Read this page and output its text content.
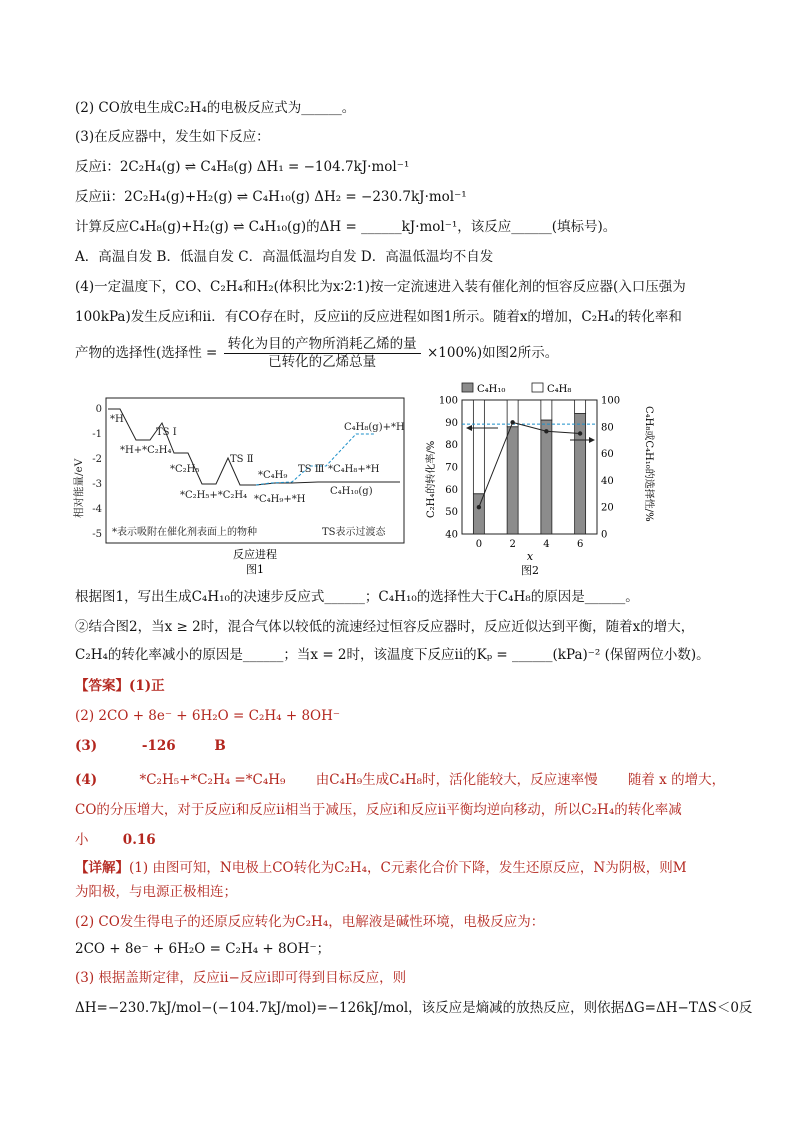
(2) CO放电生成C₂H₄的电极反应式为______。
(3)在反应器中，发生如下反应：
反应ⅰ：2C₂H₄(g) ⇌ C₄H₈(g) ΔH₁ = −104.7kJ·mol⁻¹
反应ⅱ：2C₂H₄(g)+H₂(g) ⇌ C₄H₁₀(g) ΔH₂ = −230.7kJ·mol⁻¹
计算反应C₄H₈(g)+H₂(g) ⇌ C₄H₁₀(g)的ΔH = ______kJ·mol⁻¹，该反应______(填标号)。
A．高温自发 B．低温自发 C．高温低温均自发 D．高温低温均不自发
(4)一定温度下，CO、C₂H₄和H₂(体积比为x∶2∶1)按一定流速进入装有催化剂的恒容反应器(入口压强为
100kPa)发生反应ⅰ和ⅱ．有CO存在时，反应ⅱ的反应进程如图1所示。随着x的增加，C₂H₄的转化率和
产物的选择性(选择性 = $\frac{\text{转化为目的产物所消耗乙烯的量}}{\text{已转化的乙烯总量}} \times 100\%$)如图2所示。
0
-1
-2
-3
-4
-5
相对能量/eV
*H
*H+*C₂H₄
TS Ⅰ
*C₂H₅
TS Ⅱ
*C₂H₅+*C₂H₄
*C₄H₉
*C₄H₉+*H
TS Ⅲ *C₄H₈+*H
C₄H₈(g)+*H
C₄H₁₀(g)
*表示吸附在催化剂表面上的物种	TS表示过渡态
反应进程
图1
C₄H₁₀	C₄H₈
40
50
60
70
80
90
100
0
20
40
60
80
100
0	2	4	6
C₂H₄的转化率/%	C₄H₈或C₄H₁₀的选择性/%
x
图2
根据图1，写出生成C₄H₁₀的决速步反应式______；C₄H₁₀的选择性大于C₄H₈的原因是______。
②结合图2，当x ≥ 2时，混合气体以较低的流速经过恒容反应器时，反应近似达到平衡，随着x的增大，
C₂H₄的转化率减小的原因是______；当x = 2时，该温度下反应ⅱ的Kₚ = ______(kPa)⁻² (保留两位小数)。
【答案】(1)正
(2) 2CO + 8e⁻ + 6H₂O = C₂H₄ + 8OH⁻
(3)	-126	B
(4)	*C₂H₅+*C₂H₄ =*C₄H₉ 由C₄H₉生成C₄H₈时，活化能较大，反应速率慢 随着 x 的增大，
CO的分压增大，对于反应ⅰ和反应ⅱ相当于减压，反应ⅰ和反应ⅱ平衡均逆向移动，所以C₂H₄的转化率减
小	0.16
【详解】(1) 由图可知，N电极上CO转化为C₂H₄，C元素化合价下降，发生还原反应，N为阴极，则M
为阳极，与电源正极相连；
(2) CO发生得电子的还原反应转化为C₂H₄，电解液是碱性环境，电极反应为：
2CO + 8e⁻ + 6H₂O = C₂H₄ + 8OH⁻；
(3) 根据盖斯定律，反应ⅱ−反应ⅰ即可得到目标反应，则
ΔH=−230.7kJ/mol−(−104.7kJ/mol)=−126kJ/mol，该反应是熵减的放热反应，则依据ΔG=ΔH−TΔS＜0反
